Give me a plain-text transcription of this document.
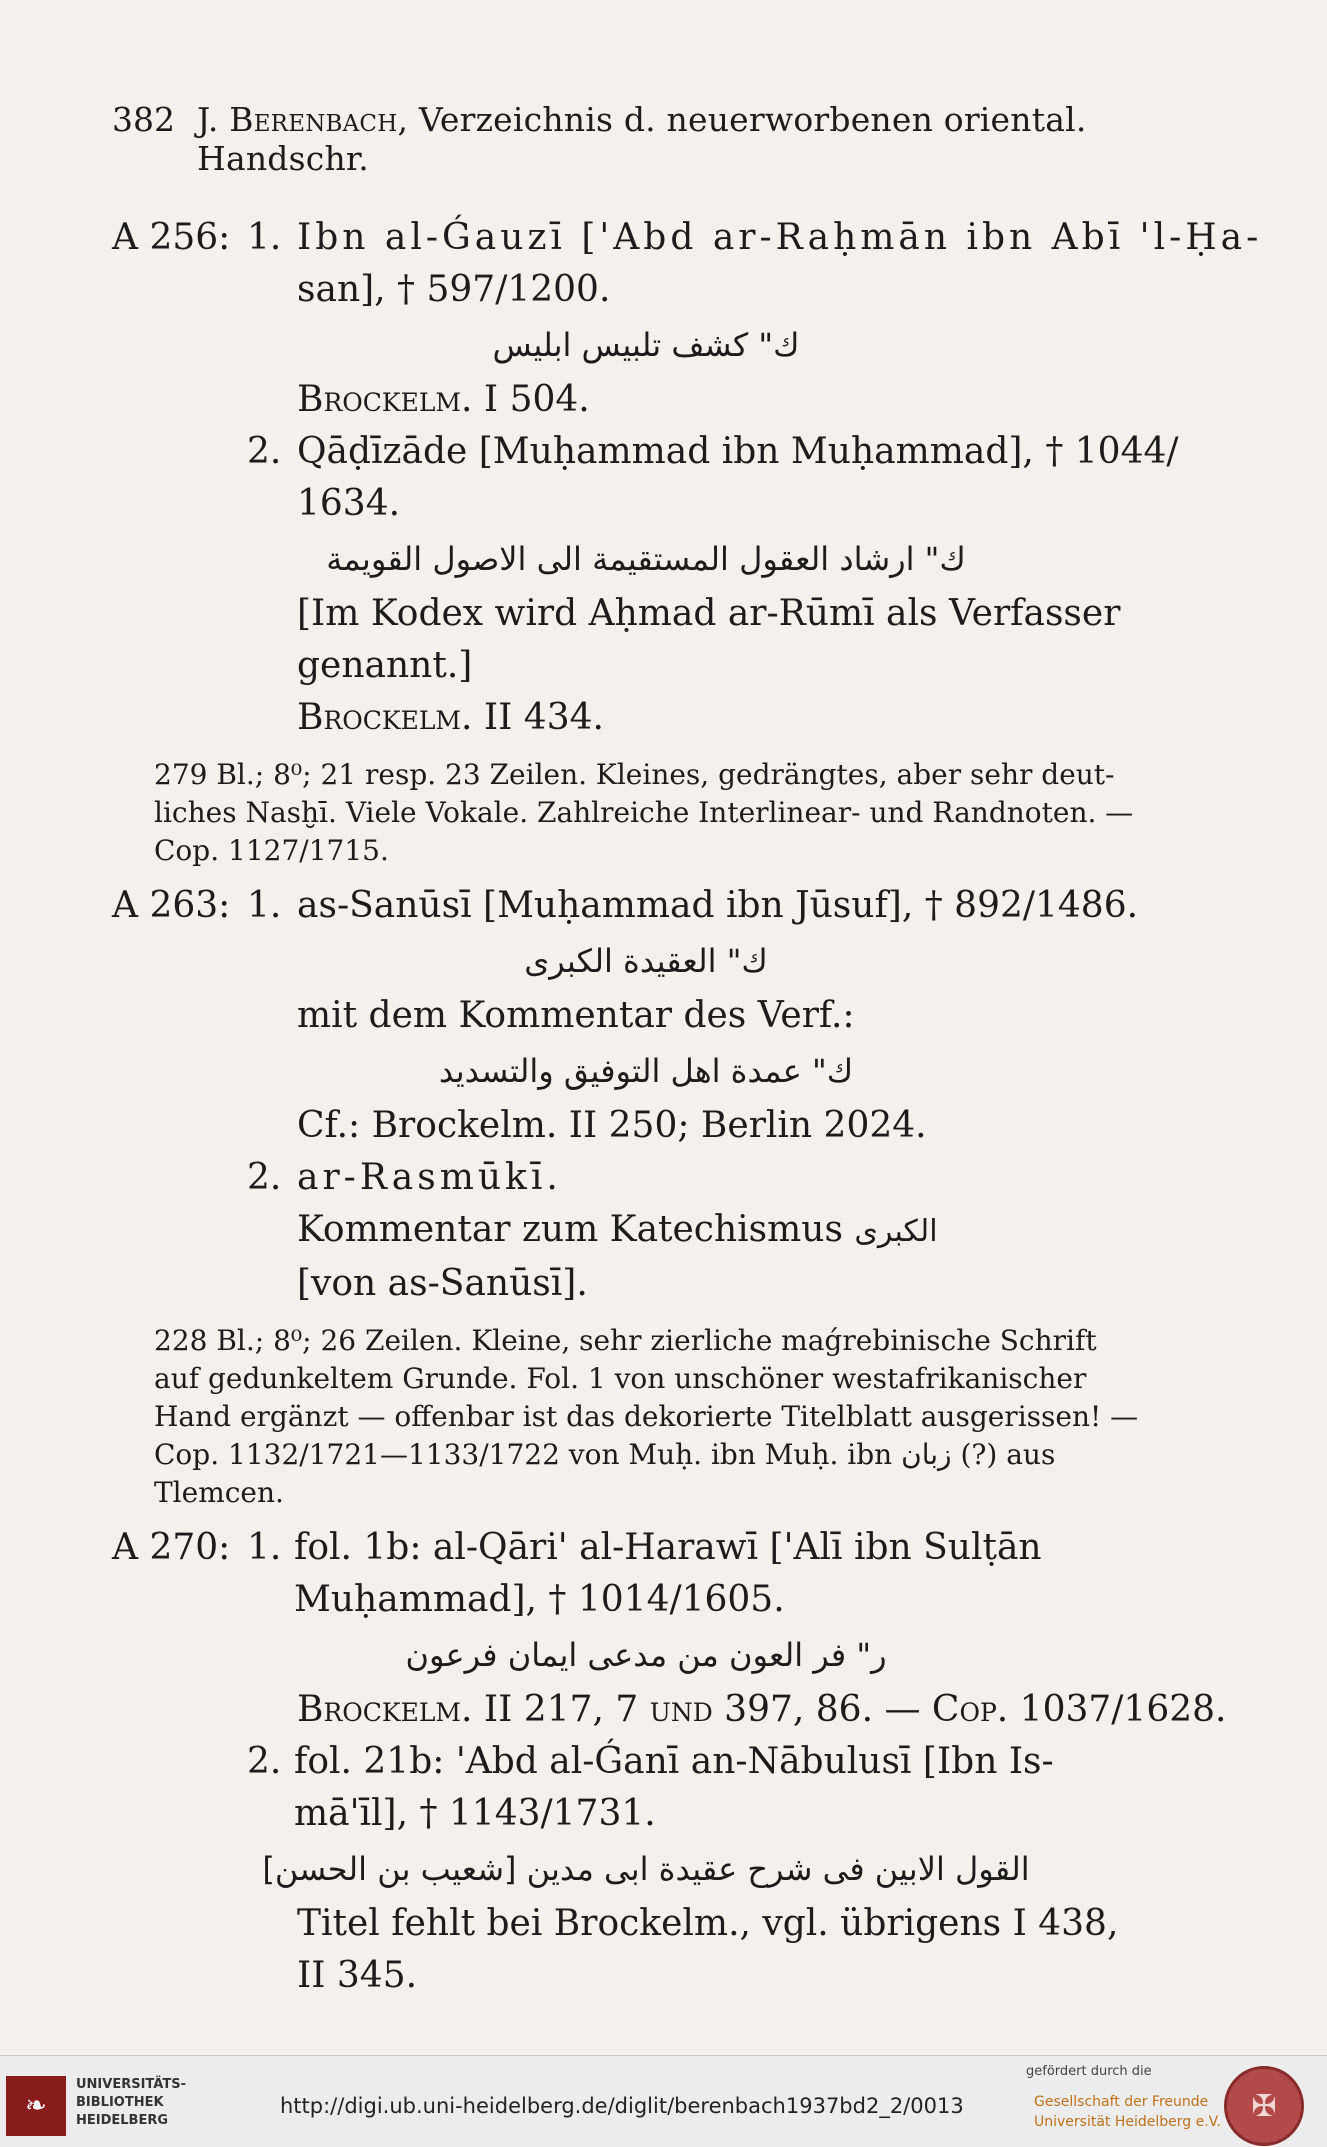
382 J. Berenbach, Verzeichnis d. neuerworbenen oriental. Handschr.
A 256: 1. Ibn al-Ǵauzī ['Abd ar-Raḥmān ibn Abī 'l-Ḥa-
san], † 597/1200.
ك" كشف تلبيس ابليس
Brockelm. I 504.
2. Qāḍīzāde [Muḥammad ibn Muḥammad], † 1044/
1634.
ك" ارشاد العقول المستقيمة الى الاصول القويمة
[Im Kodex wird Aḥmad ar-Rūmī als Verfasser
genannt.]
Brockelm. II 434.
279 Bl.; 8⁰; 21 resp. 23 Zeilen. Kleines, gedrängtes, aber sehr deut-
liches Nasḫī. Viele Vokale. Zahlreiche Interlinear- und Randnoten. —
Cop. 1127/1715.
A 263: 1. as-Sanūsī [Muḥammad ibn Jūsuf], † 892/1486.
ك" العقيدة الكبرى
mit dem Kommentar des Verf.:
ك" عمدة اهل التوفيق والتسديد
Cf.: Brockelm. II 250; Berlin 2024.
2. ar-Rasmūkī.
Kommentar zum Katechismus الكبرى
[von as-Sanūsī].
228 Bl.; 8⁰; 26 Zeilen. Kleine, sehr zierliche maǵrebinische Schrift
auf gedunkeltem Grunde. Fol. 1 von unschöner westafrikanischer
Hand ergänzt — offenbar ist das dekorierte Titelblatt ausgerissen! —
Cop. 1132/1721—1133/1722 von Muḥ. ibn Muḥ. ibn زبان (?) aus
Tlemcen.
A 270: 1. fol. 1b: al-Qāri' al-Harawī ['Alī ibn Sulṭān
Muḥammad], † 1014/1605.
ر" فر العون من مدعى ايمان فرعون
Brockelm. II 217, 7 und 397, 86. — Cop. 1037/1628.
2. fol. 21b: 'Abd al-Ǵanī an-Nābulusī [Ibn Is-
mā'īl], † 1143/1731.
القول الابين فى شرح عقيدة ابى مدين [شعيب بن الحسن]
Titel fehlt bei Brockelm., vgl. übrigens I 438,
II 345.
❧
UNIVERSITÄTS-
BIBLIOTHEK
HEIDELBERG
http://digi.ub.uni-heidelberg.de/diglit/berenbach1937bd2_2/0013
gefördert durch die
Gesellschaft der Freunde
Universität Heidelberg e.V. ✠
